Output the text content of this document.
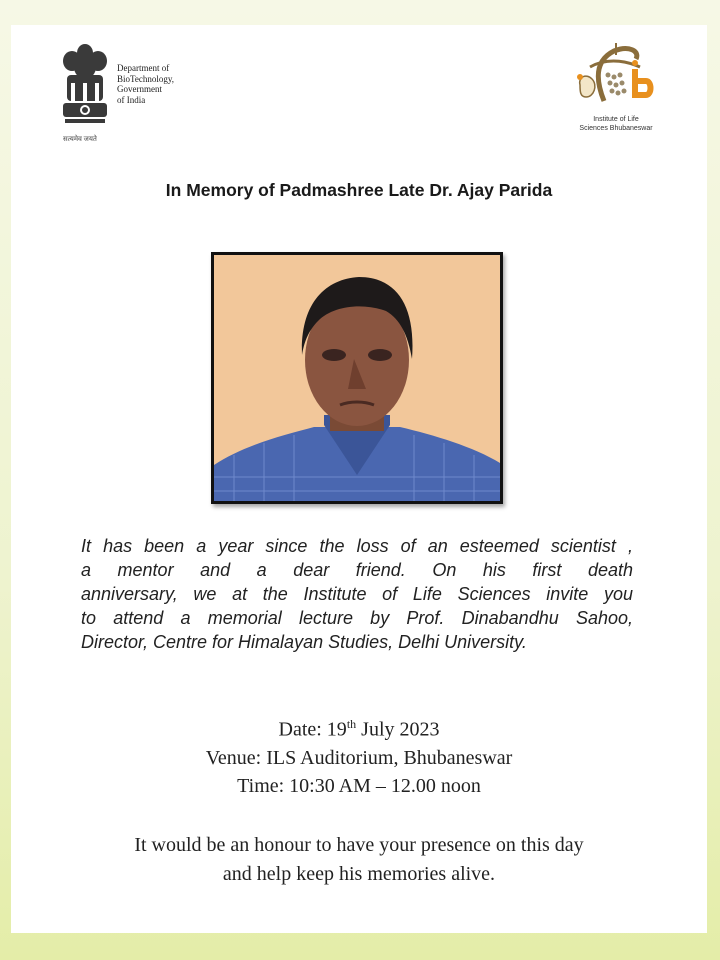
Department of
BioTechnology,
Government
of India
सत्यमेव जयते
Institute of Life
Sciences Bhubaneswar
In Memory of Padmashree Late Dr. Ajay Parida
It has been a year since the loss of an esteemed scientist ,
a mentor and a dear friend. On his first death
anniversary, we at the Institute of Life Sciences invite you
to attend a memorial lecture by Prof. Dinabandhu Sahoo,
Director, Centre for Himalayan Studies, Delhi University.
Date: 19th July 2023
Venue: ILS Auditorium, Bhubaneswar
Time: 10:30 AM – 12.00 noon
It would be an honour to have your presence on this day
and help keep his memories alive.
